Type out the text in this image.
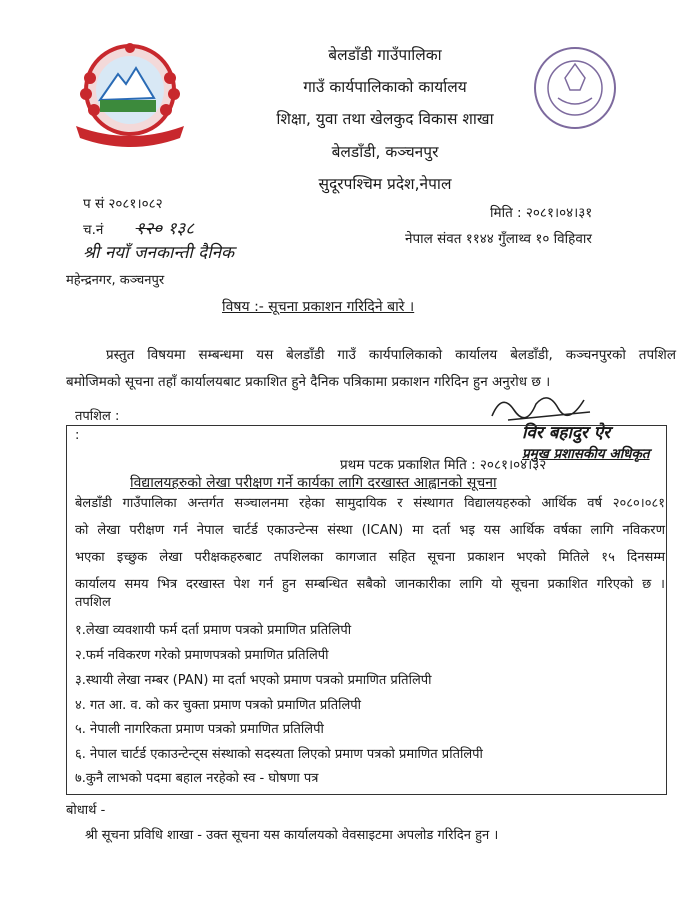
बेलडाँडी गाउँपालिका
गाउँ कार्यपालिकाको कार्यालय
शिक्षा, युवा तथा खेलकुद विकास शाखा
बेलडाँडी, कञ्चनपुर
सुदूरपश्चिम प्रदेश,नेपाल
प सं २०८१।०८२
च.नं १२० १३८
श्री नयाँ जनकान्ती दैनिक
महेन्द्रनगर, कञ्चनपुर
मिति : २०८१।०४।३१
नेपाल संवत ११४४ गुँलाथ्व १० विहिवार
विषय :- सूचना प्रकाशन गरिदिने बारे ।
प्रस्तुत विषयमा सम्बन्धमा यस बेलडाँडी गाउँ कार्यपालिकाको कार्यालय बेलडाँडी, कञ्चनपुरको तपशिल
बमोजिमको सूचना तहाँ कार्यालयबाट प्रकाशित हुने दैनिक पत्रिकामा प्रकाशन गरिदिन हुन अनुरोध छ ।
तपशिल :
:	विर बहादुर ऐर
प्रमुख प्रशासकीय अधिकृत
प्रथम पटक प्रकाशित मिति : २०८१।०४।३२
विद्यालयहरुको लेखा परीक्षण गर्ने कार्यका लागि दरखास्त आह्वानको सूचना
बेलडाँडी गाउँपालिका अन्तर्गत सञ्चालनमा रहेका सामुदायिक र संस्थागत विद्यालयहरुको आर्थिक वर्ष २०८०।०८१
को लेखा परीक्षण गर्न नेपाल चार्टर्ड एकाउन्टेन्स संस्था (ICAN) मा दर्ता भइ यस आर्थिक वर्षका लागि नविकरण
भएका इच्छुक लेखा परीक्षकहरुबाट तपशिलका कागजात सहित सूचना प्रकाशन भएको मितिले १५ दिनसम्म
कार्यालय समय भित्र दरखास्त पेश गर्न हुन सम्बन्धित सबैको जानकारीका लागि यो सूचना प्रकाशित गरिएको छ ।
तपशिल
१.लेखा व्यवशायी फर्म दर्ता प्रमाण पत्रको प्रमाणित प्रतिलिपी
२.फर्म नविकरण गरेको प्रमाणपत्रको प्रमाणित प्रतिलिपी
३.स्थायी लेखा नम्बर (PAN) मा दर्ता भएको प्रमाण पत्रको प्रमाणित प्रतिलिपी
४. गत आ. व. को कर चुक्ता प्रमाण पत्रको प्रमाणित प्रतिलिपी
५. नेपाली नागरिकता प्रमाण पत्रको प्रमाणित प्रतिलिपी
६. नेपाल चार्टर्ड एकाउन्टेन्ट्स संस्थाको सदस्यता लिएको प्रमाण पत्रको प्रमाणित प्रतिलिपी
७.कुनै लाभको पदमा बहाल नरहेको स्व - घोषणा पत्र
बोधार्थ -
श्री सूचना प्रविधि शाखा - उक्त सूचना यस कार्यालयको वेवसाइटमा अपलोड गरिदिन हुन ।
